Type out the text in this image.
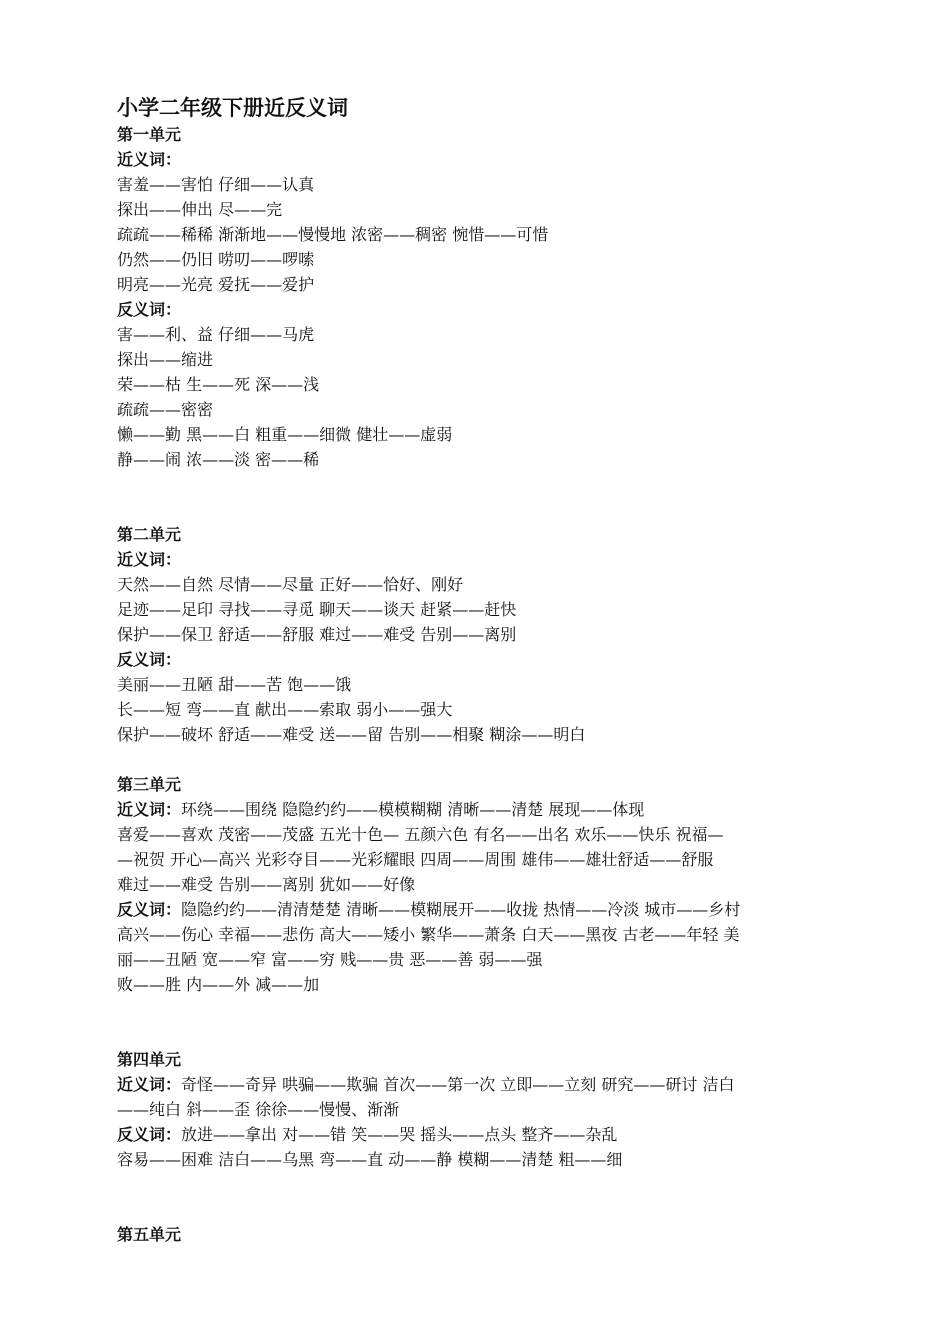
小学二年级下册近反义词
第一单元
近义词：
害羞——害怕 仔细——认真
探出——伸出 尽——完
疏疏——稀稀 渐渐地——慢慢地 浓密——稠密 惋惜——可惜
仍然——仍旧 唠叨——啰嗦
明亮——光亮 爱抚——爱护
反义词：
害——利、益 仔细——马虎
探出——缩进
荣——枯 生——死 深——浅
疏疏——密密
懒——勤 黑——白 粗重——细微 健壮——虚弱
静——闹 浓——淡 密——稀
第二单元
近义词：
天然——自然 尽情——尽量 正好——恰好、刚好
足迹——足印 寻找——寻觅 聊天——谈天 赶紧——赶快
保护——保卫 舒适——舒服 难过——难受 告别——离别
反义词：
美丽——丑陋 甜——苦 饱——饿
长——短 弯——直 献出——索取 弱小——强大
保护——破坏 舒适——难受 送——留 告别——相聚 糊涂——明白
第三单元
近义词：环绕——围绕 隐隐约约——模模糊糊 清晰——清楚 展现——体现
喜爱——喜欢 茂密——茂盛 五光十色— 五颜六色 有名——出名 欢乐——快乐 祝福—
—祝贺 开心—高兴 光彩夺目——光彩耀眼 四周——周围 雄伟——雄壮舒适——舒服
难过——难受 告别——离别 犹如——好像
反义词：隐隐约约——清清楚楚 清晰——模糊展开——收拢 热情——冷淡 城市——乡村
高兴——伤心 幸福——悲伤 高大——矮小 繁华——萧条 白天——黑夜 古老——年轻 美
丽——丑陋 宽——窄 富——穷 贱——贵 恶——善 弱——强
败——胜 内——外 减——加
第四单元
近义词：奇怪——奇异 哄骗——欺骗 首次——第一次 立即——立刻 研究——研讨 洁白
——纯白 斜——歪 徐徐——慢慢、渐渐
反义词：放进——拿出 对——错 笑——哭 摇头——点头 整齐——杂乱
容易——困难 洁白——乌黑 弯——直 动——静 模糊——清楚 粗——细
第五单元
